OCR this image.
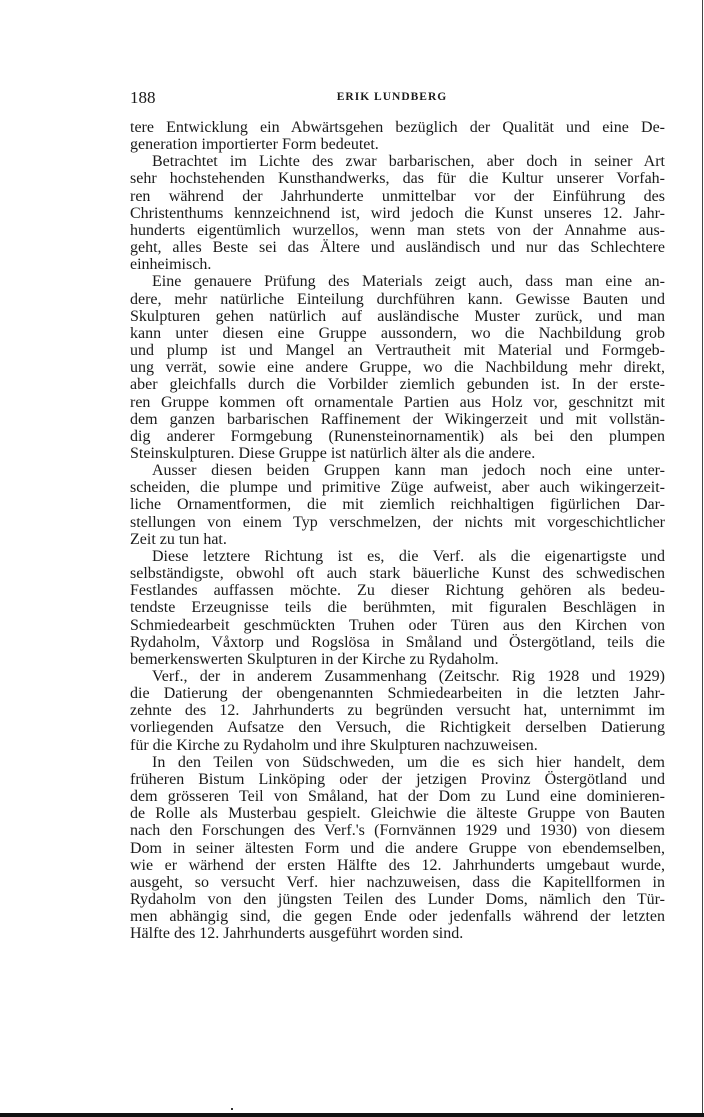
188	ERIK LUNDBERG
tere Entwicklung ein Abwärtsgehen bezüglich der Qualität und eine De-
generation importierter Form bedeutet.
Betrachtet im Lichte des zwar barbarischen, aber doch in seiner Art
sehr hochstehenden Kunsthandwerks, das für die Kultur unserer Vorfah-
ren während der Jahrhunderte unmittelbar vor der Einführung des
Christenthums kennzeichnend ist, wird jedoch die Kunst unseres 12. Jahr-
hunderts eigentümlich wurzellos, wenn man stets von der Annahme aus-
geht, alles Beste sei das Ältere und ausländisch und nur das Schlechtere
einheimisch.
Eine genauere Prüfung des Materials zeigt auch, dass man eine an-
dere, mehr natürliche Einteilung durchführen kann. Gewisse Bauten und
Skulpturen gehen natürlich auf ausländische Muster zurück, und man
kann unter diesen eine Gruppe aussondern, wo die Nachbildung grob
und plump ist und Mangel an Vertrautheit mit Material und Formgeb-
ung verrät, sowie eine andere Gruppe, wo die Nachbildung mehr direkt,
aber gleichfalls durch die Vorbilder ziemlich gebunden ist. In der erste-
ren Gruppe kommen oft ornamentale Partien aus Holz vor, geschnitzt mit
dem ganzen barbarischen Raffinement der Wikingerzeit und mit vollstän-
dig anderer Formgebung (Runensteinornamentik) als bei den plumpen
Steinskulpturen. Diese Gruppe ist natürlich älter als die andere.
Ausser diesen beiden Gruppen kann man jedoch noch eine unter-
scheiden, die plumpe und primitive Züge aufweist, aber auch wikingerzeit-
liche Ornamentformen, die mit ziemlich reichhaltigen figürlichen Dar-
stellungen von einem Typ verschmelzen, der nichts mit vorgeschichtlicher
Zeit zu tun hat.
Diese letztere Richtung ist es, die Verf. als die eigenartigste und
selbständigste, obwohl oft auch stark bäuerliche Kunst des schwedischen
Festlandes auffassen möchte. Zu dieser Richtung gehören als bedeu-
tendste Erzeugnisse teils die berühmten, mit figuralen Beschlägen in
Schmiedearbeit geschmückten Truhen oder Türen aus den Kirchen von
Rydaholm, Våxtorp und Rogslösa in Småland und Östergötland, teils die
bemerkenswerten Skulpturen in der Kirche zu Rydaholm.
Verf., der in anderem Zusammenhang (Zeitschr. Rig 1928 und 1929)
die Datierung der obengenannten Schmiedearbeiten in die letzten Jahr-
zehnte des 12. Jahrhunderts zu begründen versucht hat, unternimmt im
vorliegenden Aufsatze den Versuch, die Richtigkeit derselben Datierung
für die Kirche zu Rydaholm und ihre Skulpturen nachzuweisen.
In den Teilen von Südschweden, um die es sich hier handelt, dem
früheren Bistum Linköping oder der jetzigen Provinz Östergötland und
dem grösseren Teil von Småland, hat der Dom zu Lund eine dominieren-
de Rolle als Musterbau gespielt. Gleichwie die älteste Gruppe von Bauten
nach den Forschungen des Verf.'s (Fornvännen 1929 und 1930) von diesem
Dom in seiner ältesten Form und die andere Gruppe von ebendemselben,
wie er wärhend der ersten Hälfte des 12. Jahrhunderts umgebaut wurde,
ausgeht, so versucht Verf. hier nachzuweisen, dass die Kapitellformen in
Rydaholm von den jüngsten Teilen des Lunder Doms, nämlich den Tür-
men abhängig sind, die gegen Ende oder jedenfalls während der letzten
Hälfte des 12. Jahrhunderts ausgeführt worden sind.
